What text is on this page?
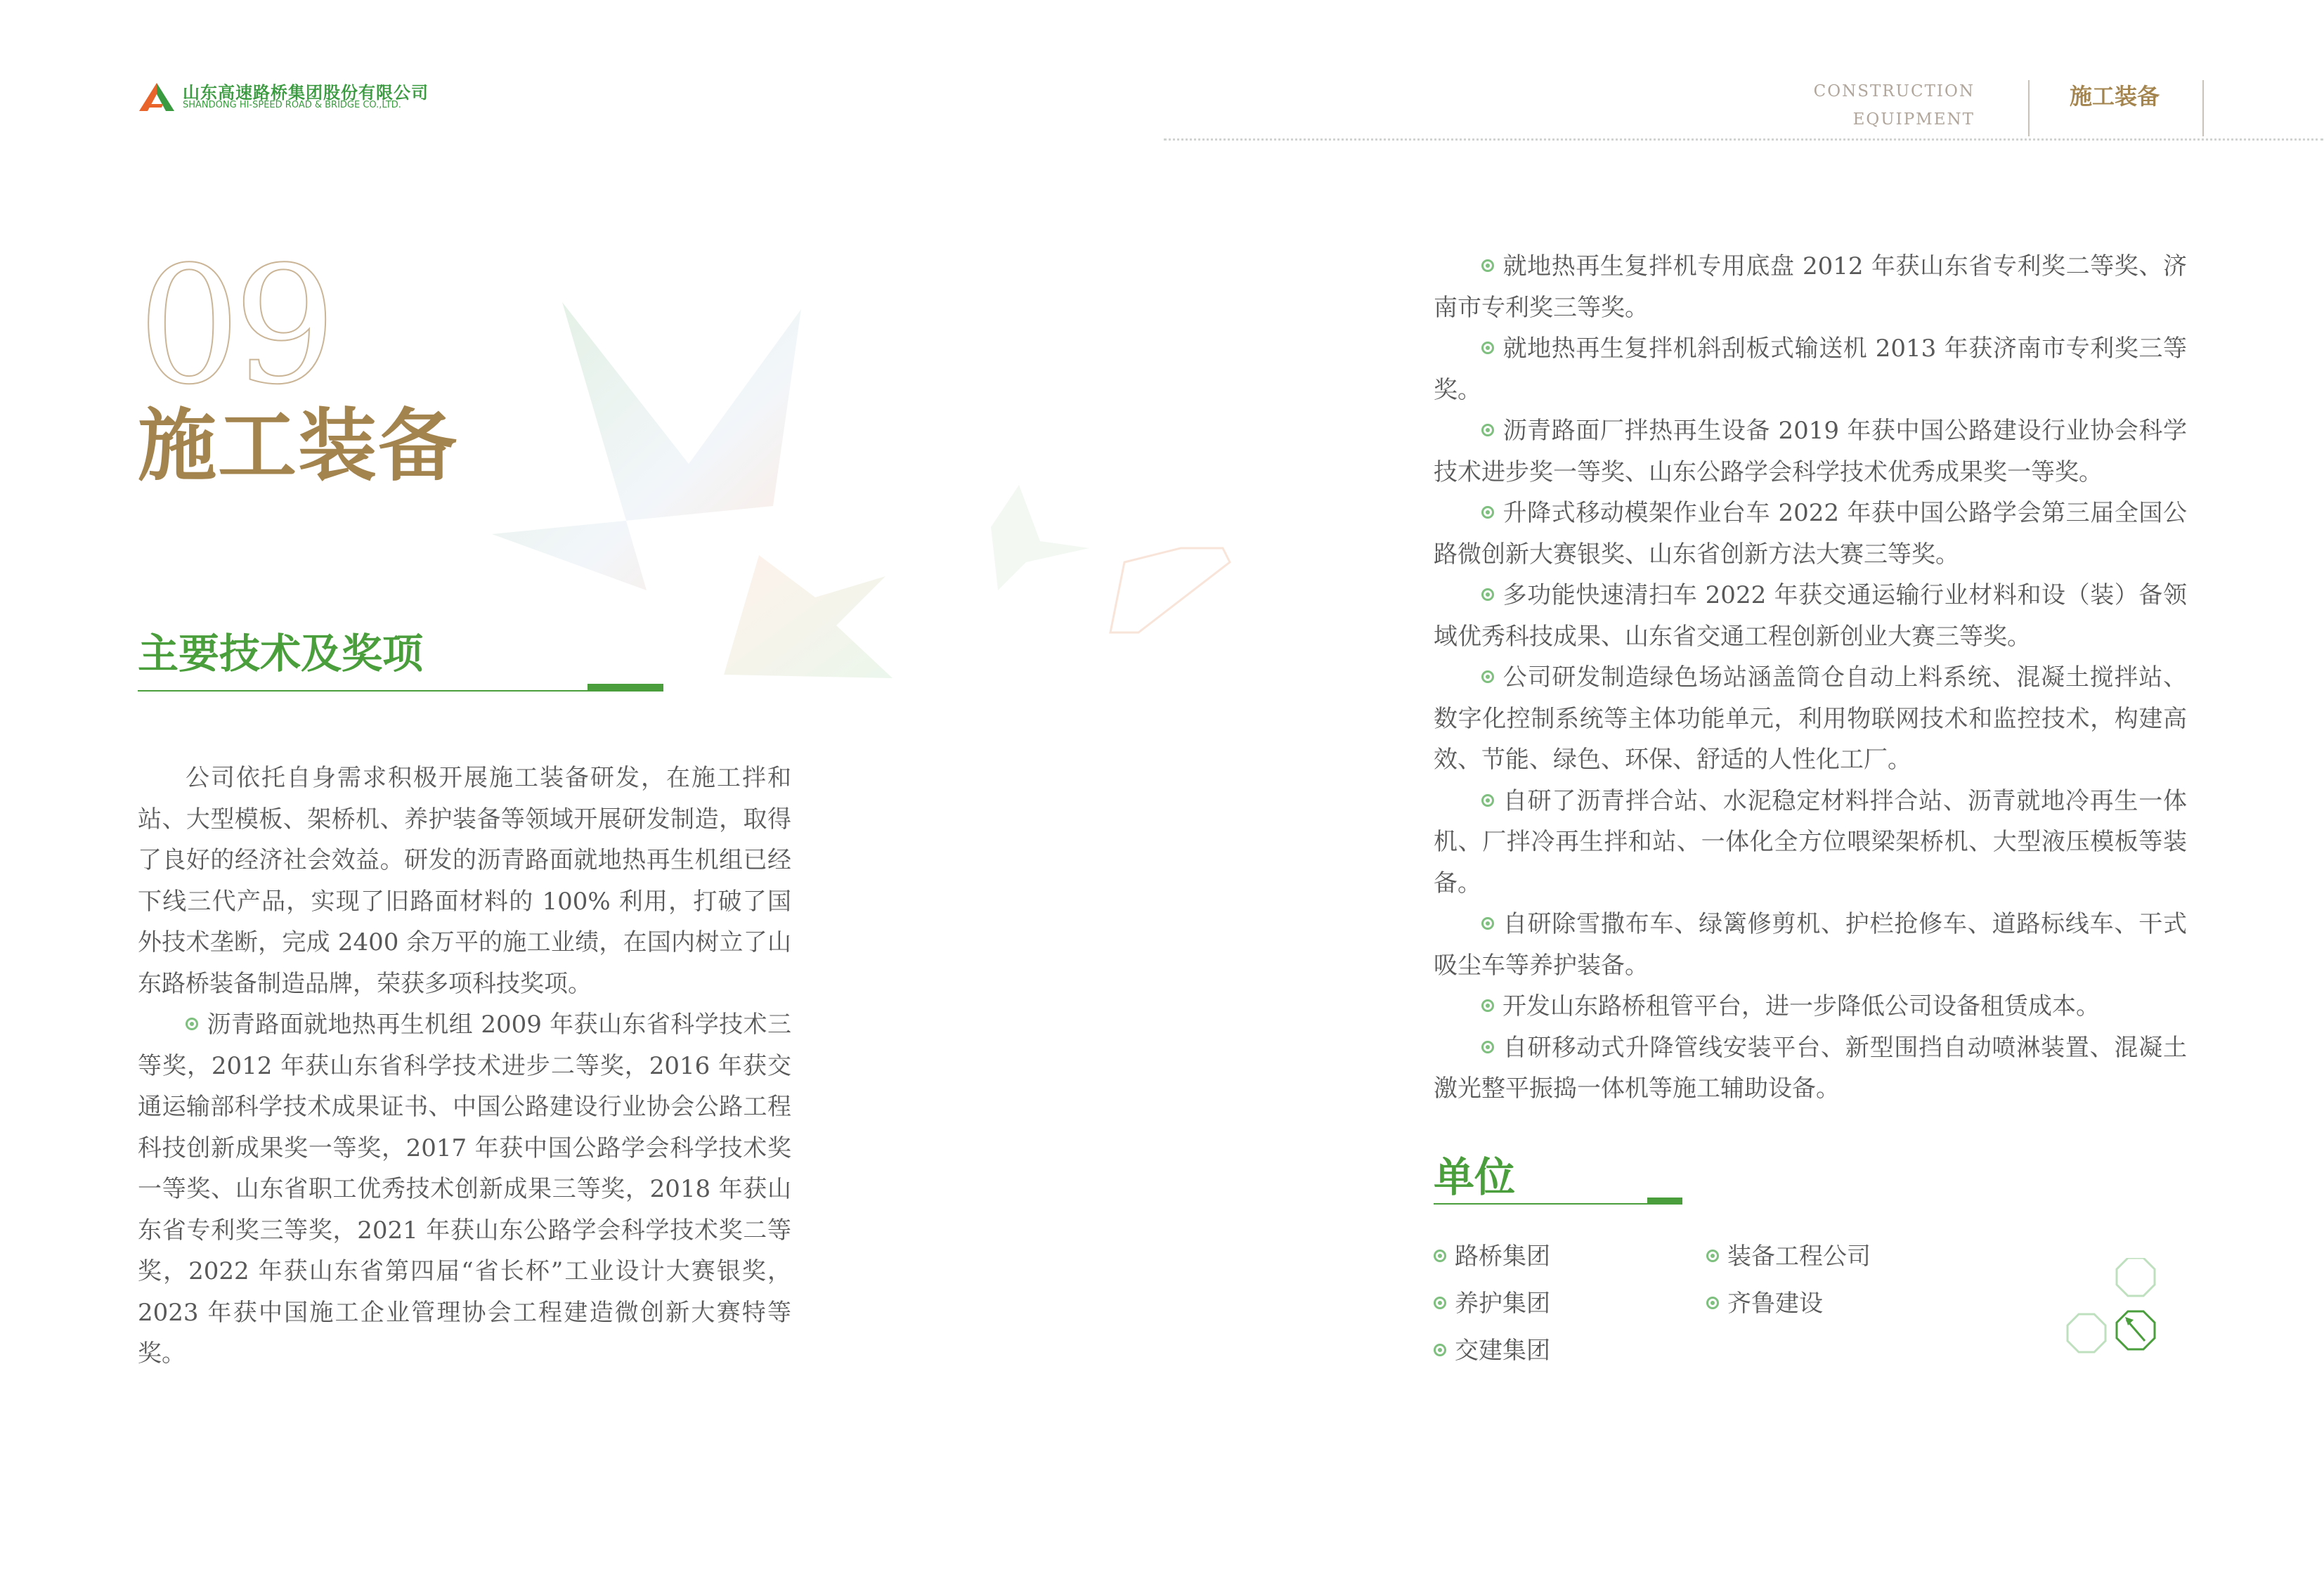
山东高速路桥集团股份有限公司
SHANDONG HI-SPEED ROAD & BRIDGE CO.,LTD.
CONSTRUCTION
EQUIPMENT
施工装备
09
施工装备
主要技术及奖项

公司依托自身需求积极开展施工装备研发，在施工拌和站、大型模板、架桥机、养护装备等领域开展研发制造，取得了良好的经济社会效益。研发的沥青路面就地热再生机组已经下线三代产品，实现了旧路面材料的 100% 利用，打破了国外技术垄断，完成 2400 余万平的施工业绩，在国内树立了山东路桥装备制造品牌，荣获多项科技奖项。

沥青路面就地热再生机组 2009 年获山东省科学技术三等奖，2012 年获山东省科学技术进步二等奖，2016 年获交通运输部科学技术成果证书、中国公路建设行业协会公路工程科技创新成果奖一等奖，2017 年获中国公路学会科学技术奖一等奖、山东省职工优秀技术创新成果三等奖，2018 年获山东省专利奖三等奖，2021 年获山东公路学会科学技术奖二等奖，2022 年获山东省第四届“省长杯”工业设计大赛银奖，2023 年获中国施工企业管理协会工程建造微创新大赛特等奖。

就地热再生复拌机专用底盘 2012 年获山东省专利奖二等奖、济南市专利奖三等奖。

就地热再生复拌机斜刮板式输送机 2013 年获济南市专利奖三等奖。

沥青路面厂拌热再生设备 2019 年获中国公路建设行业协会科学技术进步奖一等奖、山东公路学会科学技术优秀成果奖一等奖。

升降式移动模架作业台车 2022 年获中国公路学会第三届全国公路微创新大赛银奖、山东省创新方法大赛三等奖。

多功能快速清扫车 2022 年获交通运输行业材料和设（装）备领域优秀科技成果、山东省交通工程创新创业大赛三等奖。

公司研发制造绿色场站涵盖筒仓自动上料系统、混凝土搅拌站、数字化控制系统等主体功能单元，利用物联网技术和监控技术，构建高效、节能、绿色、环保、舒适的人性化工厂。

自研了沥青拌合站、水泥稳定材料拌合站、沥青就地冷再生一体机、厂拌冷再生拌和站、一体化全方位喂梁架桥机、大型液压模板等装备。

自研除雪撒布车、绿篱修剪机、护栏抢修车、道路标线车、干式吸尘车等养护装备。

开发山东路桥租管平台，进一步降低公司设备租赁成本。

自研移动式升降管线安装平台、新型围挡自动喷淋装置、混凝土激光整平振捣一体机等施工辅助设备。

单位
路桥集团	装备工程公司
养护集团	齐鲁建设
交建集团
